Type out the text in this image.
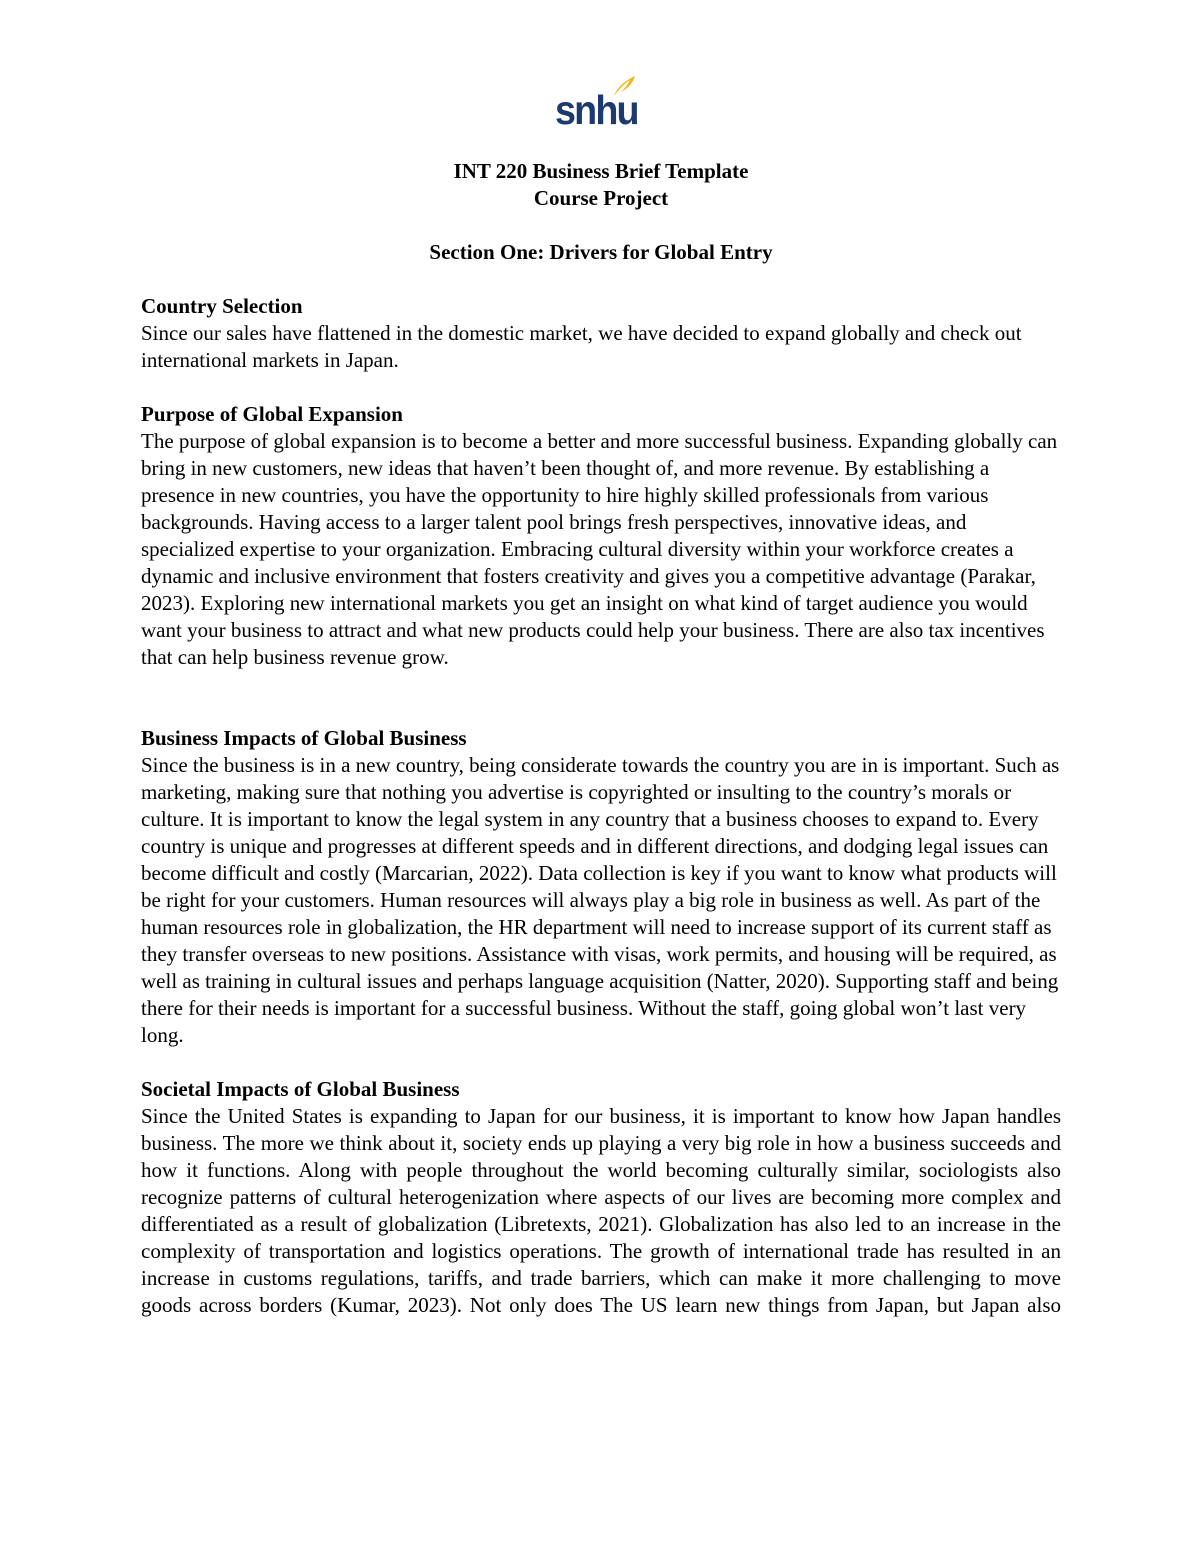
snhu

INT 220 Business Brief Template

Course Project

Section One: Drivers for Global Entry

Country Selection

Since our sales have flattened in the domestic market, we have decided to expand globally and check out international markets in Japan.

Purpose of Global Expansion

The purpose of global expansion is to become a better and more successful business. Expanding globally can bring in new customers, new ideas that haven’t been thought of, and more revenue. By establishing a presence in new countries, you have the opportunity to hire highly skilled professionals from various backgrounds. Having access to a larger talent pool brings fresh perspectives, innovative ideas, and specialized expertise to your organization. Embracing cultural diversity within your workforce creates a dynamic and inclusive environment that fosters creativity and gives you a competitive advantage (Parakar, 2023). Exploring new international markets you get an insight on what kind of target audience you would want your business to attract and what new products could help your business. There are also tax incentives that can help business revenue grow.

Business Impacts of Global Business

Since the business is in a new country, being considerate towards the country you are in is important. Such as marketing, making sure that nothing you advertise is copyrighted or insulting to the country’s morals or culture. It is important to know the legal system in any country that a business chooses to expand to. Every country is unique and progresses at different speeds and in different directions, and dodging legal issues can become difficult and costly (Marcarian, 2022). Data collection is key if you want to know what products will be right for your customers. Human resources will always play a big role in business as well. As part of the human resources role in globalization, the HR department will need to increase support of its current staff as they transfer overseas to new positions. Assistance with visas, work permits, and housing will be required, as well as training in cultural issues and perhaps language acquisition (Natter, 2020). Supporting staff and being there for their needs is important for a successful business. Without the staff, going global won’t last very long.

Societal Impacts of Global Business

Since the United States is expanding to Japan for our business, it is important to know how Japan handles business. The more we think about it, society ends up playing a very big role in how a business succeeds and how it functions. Along with people throughout the world becoming culturally similar, sociologists also recognize patterns of cultural heterogenization where aspects of our lives are becoming more complex and differentiated as a result of globalization (Libretexts, 2021). Globalization has also led to an increase in the complexity of transportation and logistics operations. The growth of international trade has resulted in an increase in customs regulations, tariffs, and trade barriers, which can make it more challenging to move goods across borders (Kumar, 2023). Not only does The US learn new things from Japan, but Japan also
